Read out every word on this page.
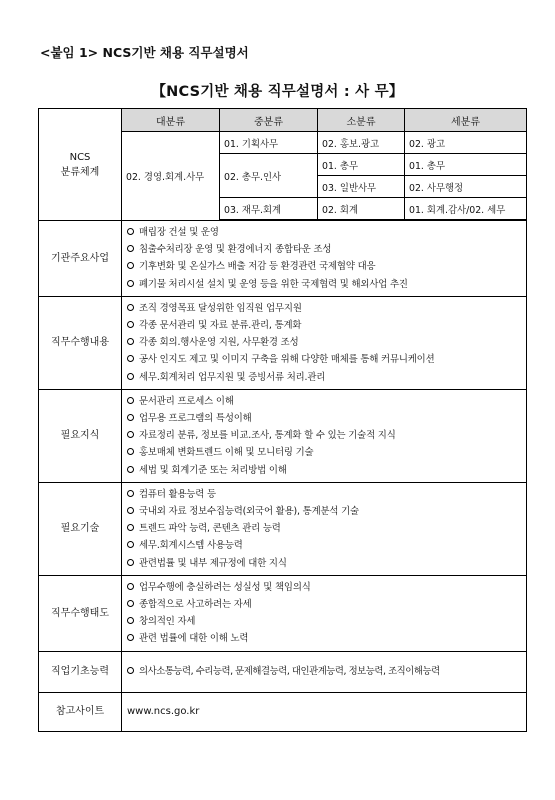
<붙임 1> NCS기반 채용 직무설명서
【NCS기반 채용 직무설명서 : 사 무】
NCS
분류체계	대분류	중분류	소분류	세분류
	02. 경영.회계.사무	01. 기획사무	02. 홍보.광고	02. 광고
		02. 총무.인사	01. 총무	01. 총무
			03. 일반사무	02. 사무행정
		03. 재무.회계	02. 회계	01. 회계.감사/02. 세무

기관주요사업	매립장 건설 및 운영
침출수처리장 운영 및 환경에너지 종합타운 조성
기후변화 및 온실가스 배출 저감 등 환경관련 국제협약 대응
폐기물 처리시설 설치 및 운영 등을 위한 국제협력 및 해외사업 추진			

직무수행내용	조직 경영목표 달성위한 임직원 업무지원
각종 문서관리 및 자료 분류.관리, 통계화
각종 회의.행사운영 지원, 사무환경 조성
공사 인지도 제고 및 이미지 구축을 위해 다양한 매체를 통해 커뮤니케이션
세무.회계처리 업무지원 및 증빙서류 처리.관리			

필요지식	문서관리 프로세스 이해
업무용 프로그램의 특성이해
자료정리 분류, 정보를 비교.조사, 통계화 할 수 있는 기술적 지식
홍보매체 변화트렌드 이해 및 모니터링 기술
세법 및 회계기준 또는 처리방법 이해			

필요기술	컴퓨터 활용능력 등
국내외 자료 정보수집능력(외국어 활용), 통계분석 기술
트렌드 파악 능력, 콘텐츠 관리 능력
세무.회계시스템 사용능력
관련법률 및 내부 제규정에 대한 지식			

직무수행태도	업무수행에 충실하려는 성실성 및 책임의식
종합적으로 사고하려는 자세
창의적인 자세
관련 법률에 대한 이해 노력			

직업기초능력	의사소통능력, 수리능력, 문제해결능력, 대인관계능력, 정보능력, 조직이해능력			

참고사이트	www.ncs.go.kr			
